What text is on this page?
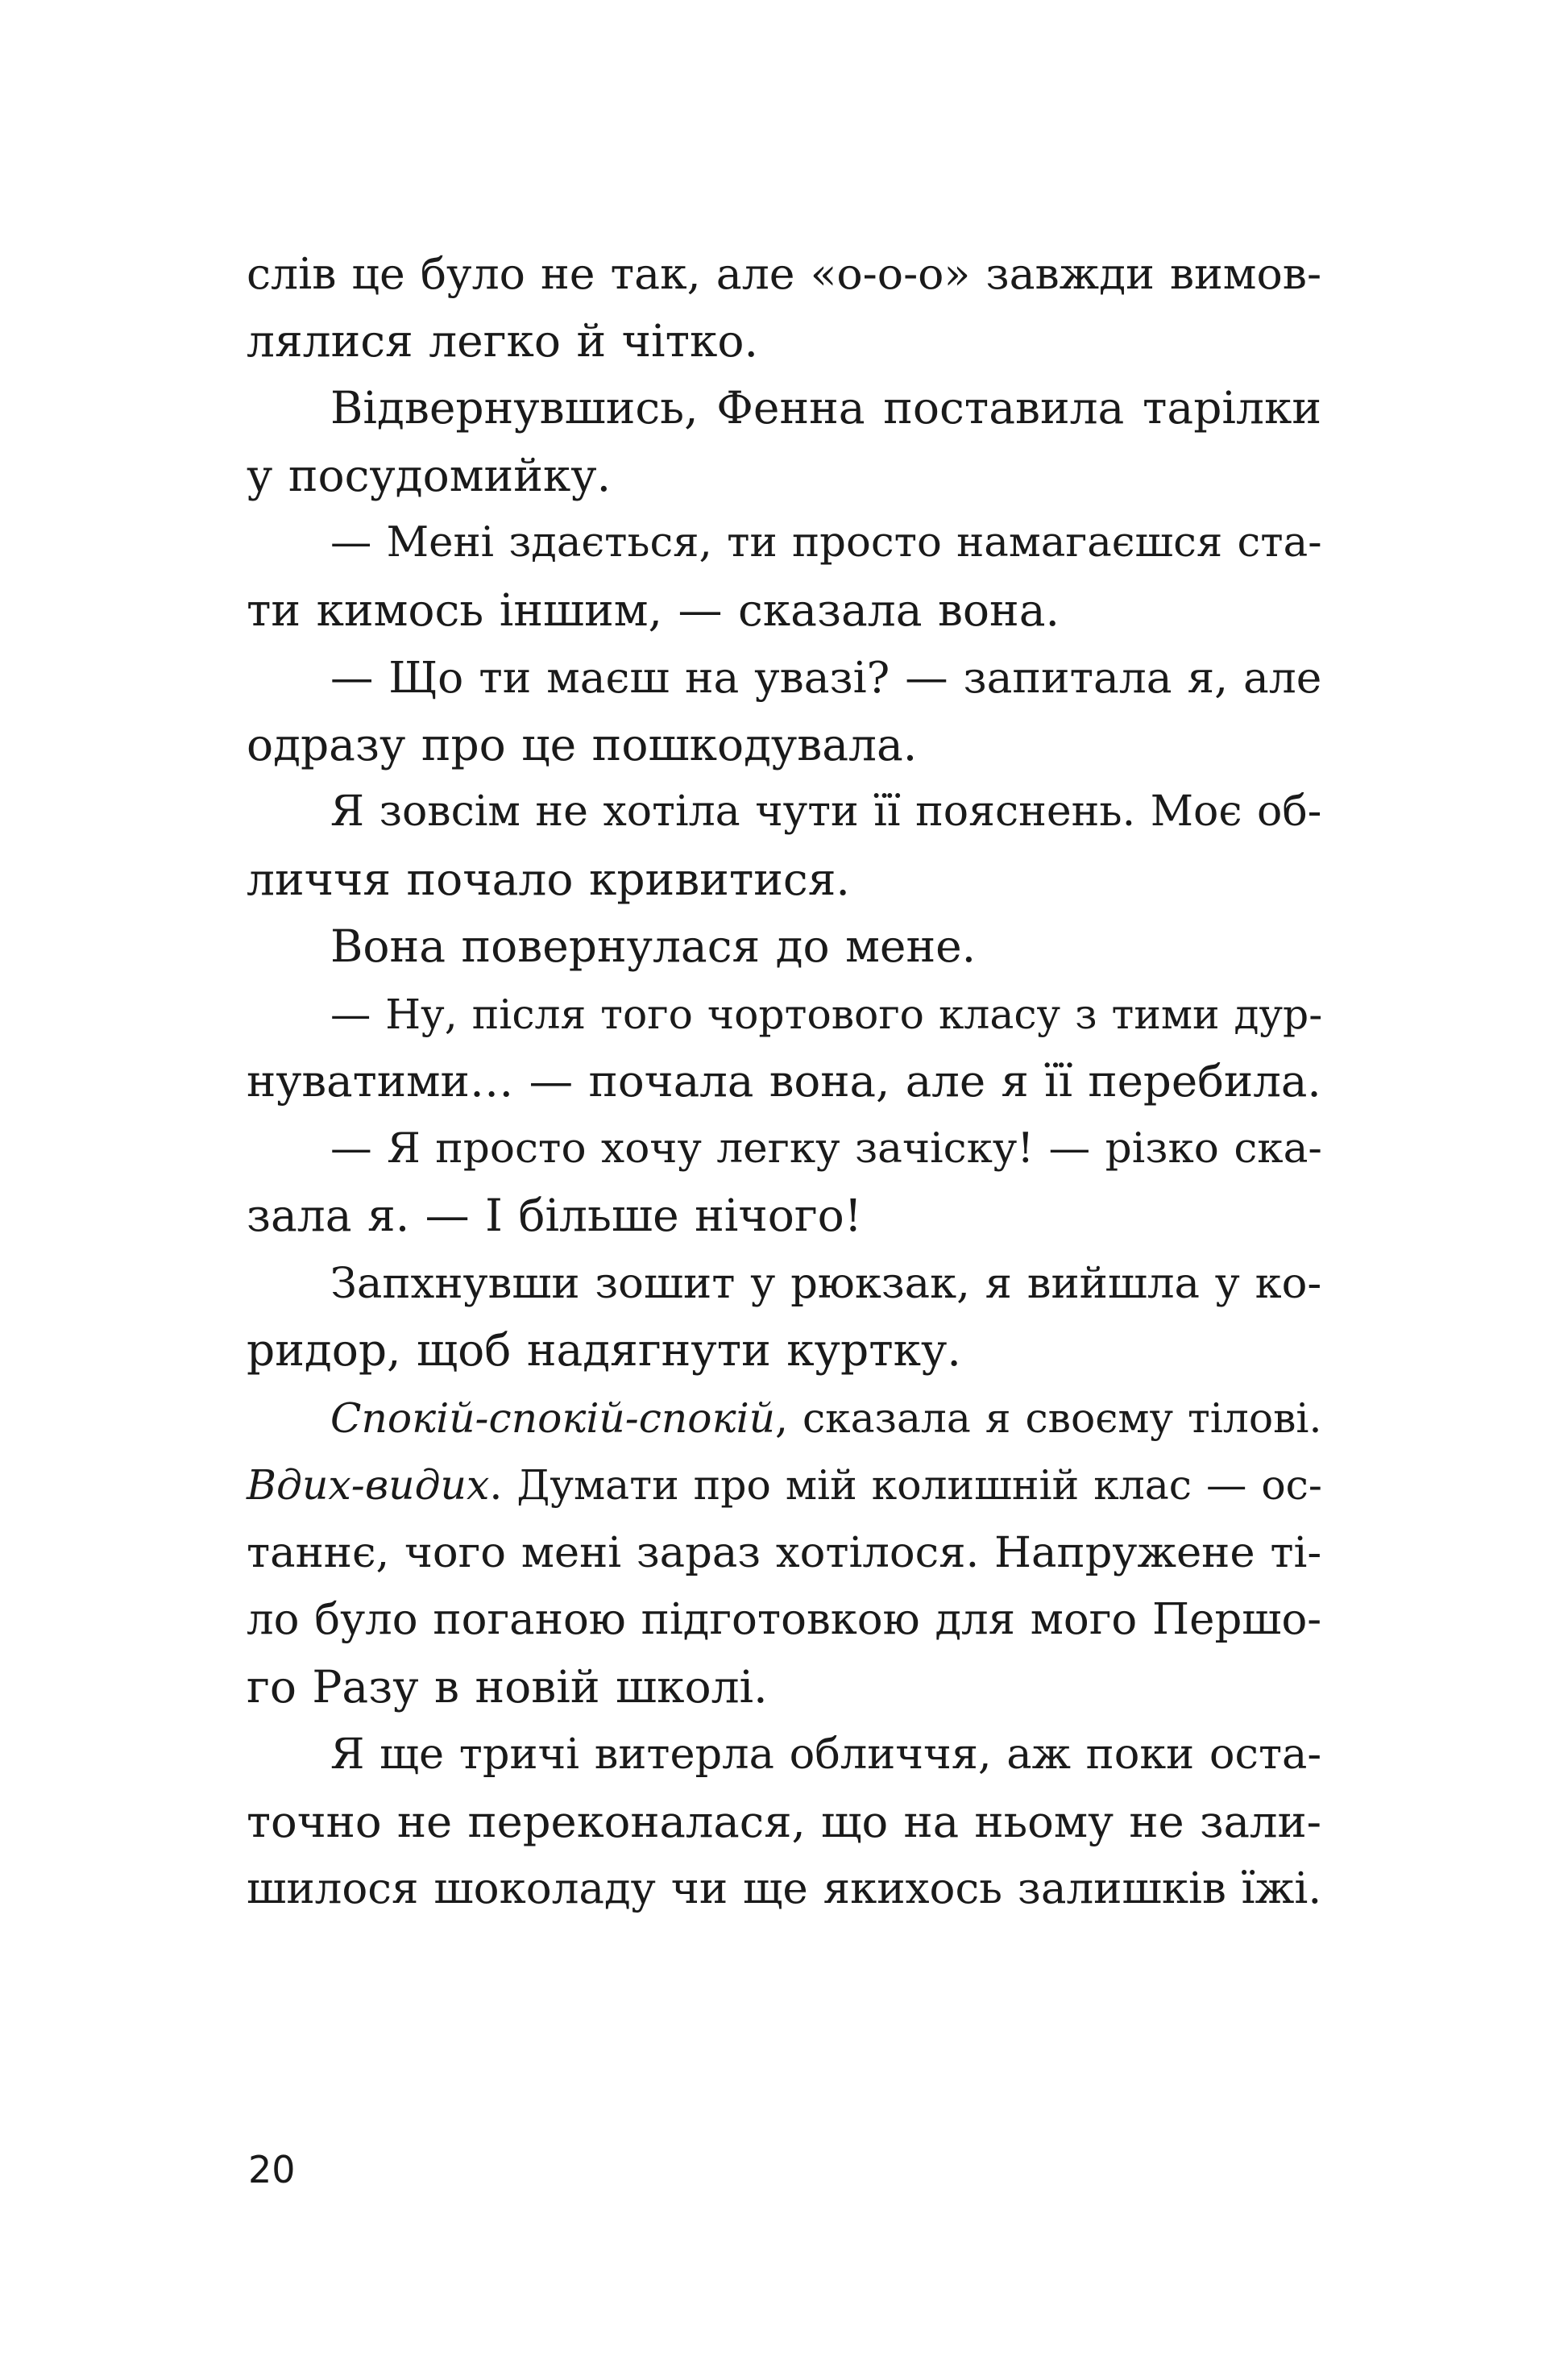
слів це було не так, але «о-о-о» завжди вимов-
лялися легко й чітко.
Відвернувшись, Фенна поставила тарілки
у посудомийку.
— Мені здається, ти просто намагаєшся ста-
ти кимось іншим, — сказала вона.
— Що ти маєш на увазі? — запитала я, але
одразу про це пошкодувала.
Я зовсім не хотіла чути її пояснень. Моє об-
личчя почало кривитися.
Вона повернулася до мене.
— Ну, після того чортового класу з тими дур-
нуватими… — почала вона, але я її перебила.
— Я просто хочу легку зачіску! — різко ска-
зала я. — І більше нічого!
Запхнувши зошит у рюкзак, я вийшла у ко-
ридор, щоб надягнути куртку.
Спокій-спокій-спокій, сказала я своєму тілові.
Вдих-видих. Думати про мій колишній клас — ос-
таннє, чого мені зараз хотілося. Напружене ті-
ло було поганою підготовкою для мого Першо-
го Разу в новій школі.
Я ще тричі витерла обличчя, аж поки оста-
точно не переконалася, що на ньому не зали-
шилося шоколаду чи ще якихось залишків їжі.
20
